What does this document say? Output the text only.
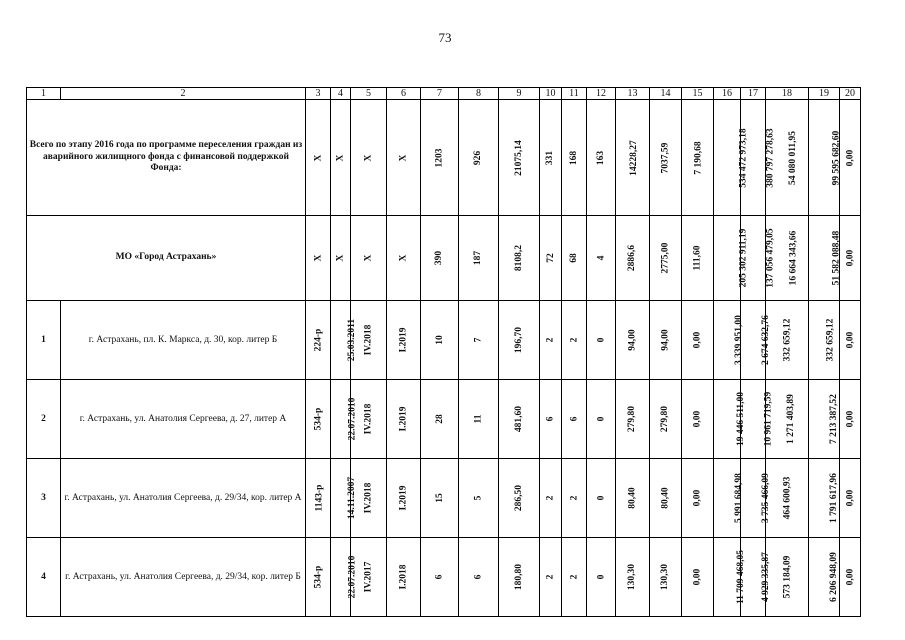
73
1	2	3	4	5	6	7	8	9	10	11	12	13	14	15	16	17	18	19	20
Всего по этапу 2016 года по программе переселения граждан из аварийного жилищного фонда с финансовой поддержкой Фонда:		Х	Х	Х	Х	1203	926	21075,14	331	168	163	14228,27	7037,59	7 190,68	534 472 973,18	380 797 278,63	54 080 011,95	99 595 682,60	0,00
МО «Город Астрахань»		Х	Х	Х	Х	390	187	8108,2	72	68	4	2886,6	2775,00	111,60	205 302 911,19	137 056 479,05	16 664 343,66	51 582 088,48	0,00
1	г. Астрахань, пл. К. Маркса, д. 30, кор. литер Б	224-р	25.03.2011	IV.2018	I.2019	10	7	196,70	2	2	0	94,00	94,00	0,00	3 339 951,00	2 674 632,76	332 659,12	332 659,12	0,00
2	г. Астрахань, ул. Анатолия Сергеева, д. 27, литер А	534-р	22.07.2010	IV.2018	I.2019	28	11	481,60	6	6	0	279,80	279,80	0,00	19 446 511,00	10 961 719,59	1 271 403,89	7 213 387,52	0,00
3	г. Астрахань, ул. Анатолия Сергеева, д. 29/34, кор. литер А	1143-р	14.11.2007	IV.2018	I.2019	15	5	286,50	2	2	0	80,40	80,40	0,00	5 991 684,98	3 735 466,09	464 600,93	1 791 617,96	0,00
4	г. Астрахань, ул. Анатолия Сергеева, д. 29/34, кор. литер Б	534-р	22.07.2010	IV.2017	I.2018	6	6	180,80	2	2	0	130,30	130,30	0,00	11 709 468,05	4 929 335,87	573 184,09	6 206 948,09	0,00
